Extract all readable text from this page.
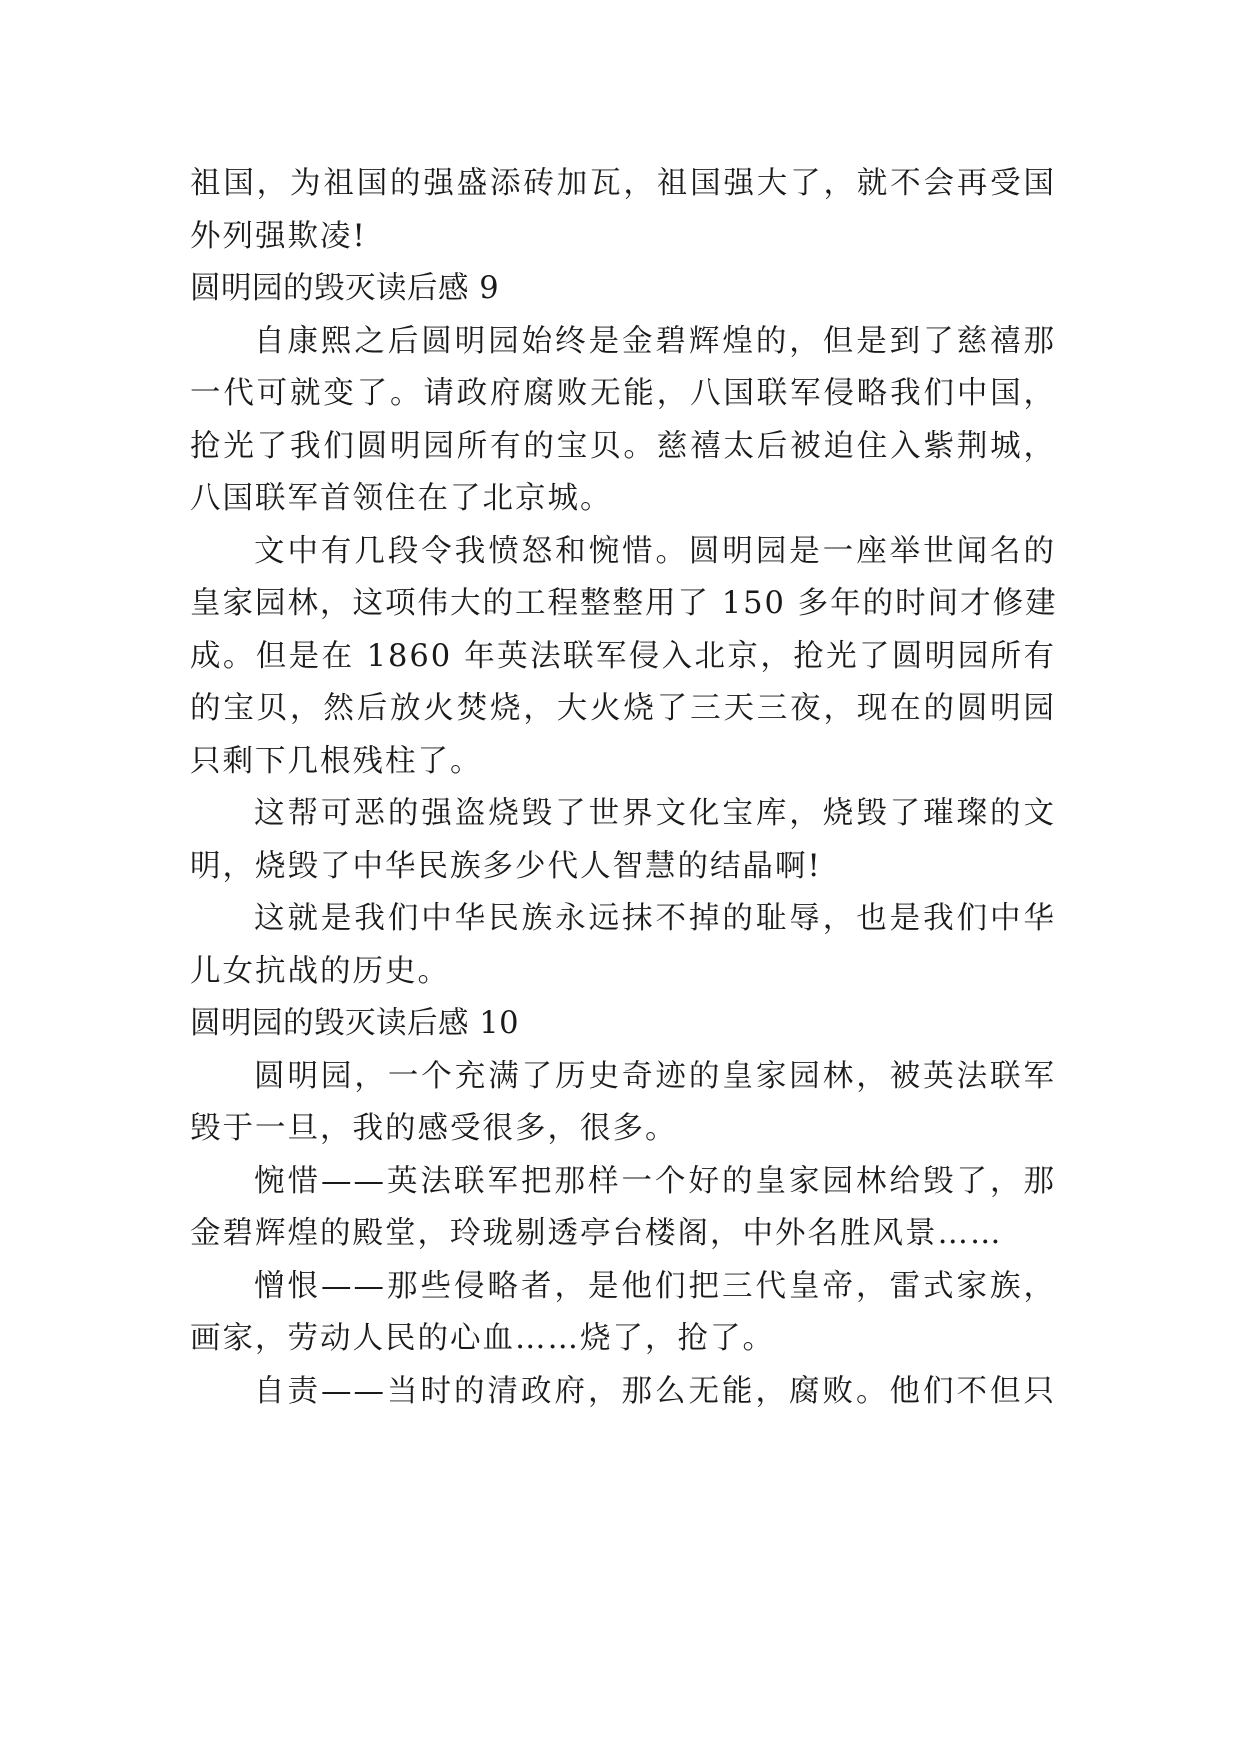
祖国，为祖国的强盛添砖加瓦，祖国强大了，就不会再受国
外列强欺凌!
圆明园的毁灭读后感 9
自康熙之后圆明园始终是金碧辉煌的，但是到了慈禧那
一代可就变了。请政府腐败无能，八国联军侵略我们中国，
抢光了我们圆明园所有的宝贝。慈禧太后被迫住入紫荆城，
八国联军首领住在了北京城。
文中有几段令我愤怒和惋惜。圆明园是一座举世闻名的
皇家园林，这项伟大的工程整整用了 150 多年的时间才修建
成。但是在 1860 年英法联军侵入北京，抢光了圆明园所有
的宝贝，然后放火焚烧，大火烧了三天三夜，现在的圆明园
只剩下几根残柱了。
这帮可恶的强盗烧毁了世界文化宝库，烧毁了璀璨的文
明，烧毁了中华民族多少代人智慧的结晶啊!
这就是我们中华民族永远抹不掉的耻辱，也是我们中华
儿女抗战的历史。
圆明园的毁灭读后感 10
圆明园，一个充满了历史奇迹的皇家园林，被英法联军
毁于一旦，我的感受很多，很多。
惋惜——英法联军把那样一个好的皇家园林给毁了，那
金碧辉煌的殿堂，玲珑剔透亭台楼阁，中外名胜风景……
憎恨——那些侵略者，是他们把三代皇帝，雷式家族，
画家，劳动人民的心血……烧了，抢了。
自责——当时的清政府，那么无能，腐败。他们不但只
